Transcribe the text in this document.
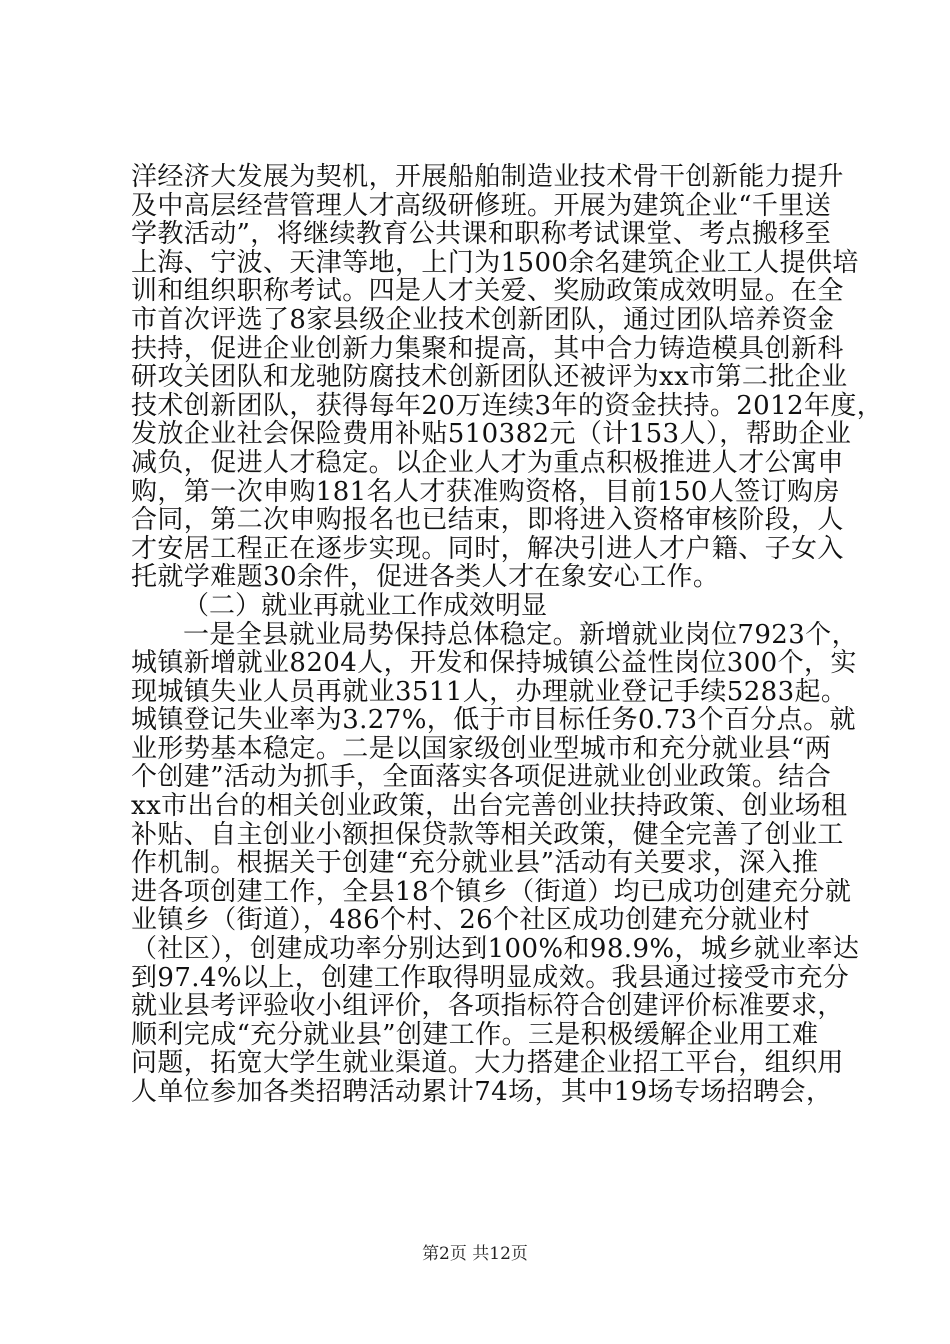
洋经济大发展为契机，开展船舶制造业技术骨干创新能力提升
及中高层经营管理人才高级研修班。开展为建筑企业“千里送
学教活动”，将继续教育公共课和职称考试课堂、考点搬移至
上海、宁波、天津等地，上门为1500余名建筑企业工人提供培
训和组织职称考试。四是人才关爱、奖励政策成效明显。在全
市首次评选了8家县级企业技术创新团队，通过团队培养资金
扶持，促进企业创新力集聚和提高，其中合力铸造模具创新科
研攻关团队和龙驰防腐技术创新团队还被评为xx市第二批企业
技术创新团队，获得每年20万连续3年的资金扶持。2012年度，
发放企业社会保险费用补贴510382元（计153人），帮助企业
减负，促进人才稳定。以企业人才为重点积极推进人才公寓申
购，第一次申购181名人才获准购资格，目前150人签订购房
合同，第二次申购报名也已结束，即将进入资格审核阶段，人
才安居工程正在逐步实现。同时，解决引进人才户籍、子女入
托就学难题30余件，促进各类人才在象安心工作。
（二）就业再就业工作成效明显
一是全县就业局势保持总体稳定。新增就业岗位7923个，
城镇新增就业8204人，开发和保持城镇公益性岗位300个，实
现城镇失业人员再就业3511人，办理就业登记手续5283起。
城镇登记失业率为3.27%，低于市目标任务0.73个百分点。就
业形势基本稳定。二是以国家级创业型城市和充分就业县“两
个创建”活动为抓手，全面落实各项促进就业创业政策。结合
xx市出台的相关创业政策，出台完善创业扶持政策、创业场租
补贴、自主创业小额担保贷款等相关政策，健全完善了创业工
作机制。根据关于创建“充分就业县”活动有关要求，深入推
进各项创建工作，全县18个镇乡（街道）均已成功创建充分就
业镇乡（街道），486个村、26个社区成功创建充分就业村
（社区），创建成功率分别达到100%和98.9%，城乡就业率达
到97.4%以上，创建工作取得明显成效。我县通过接受市充分
就业县考评验收小组评价，各项指标符合创建评价标准要求，
顺利完成“充分就业县”创建工作。三是积极缓解企业用工难
问题，拓宽大学生就业渠道。大力搭建企业招工平台，组织用
人单位参加各类招聘活动累计74场，其中19场专场招聘会，
第2页 共12页
